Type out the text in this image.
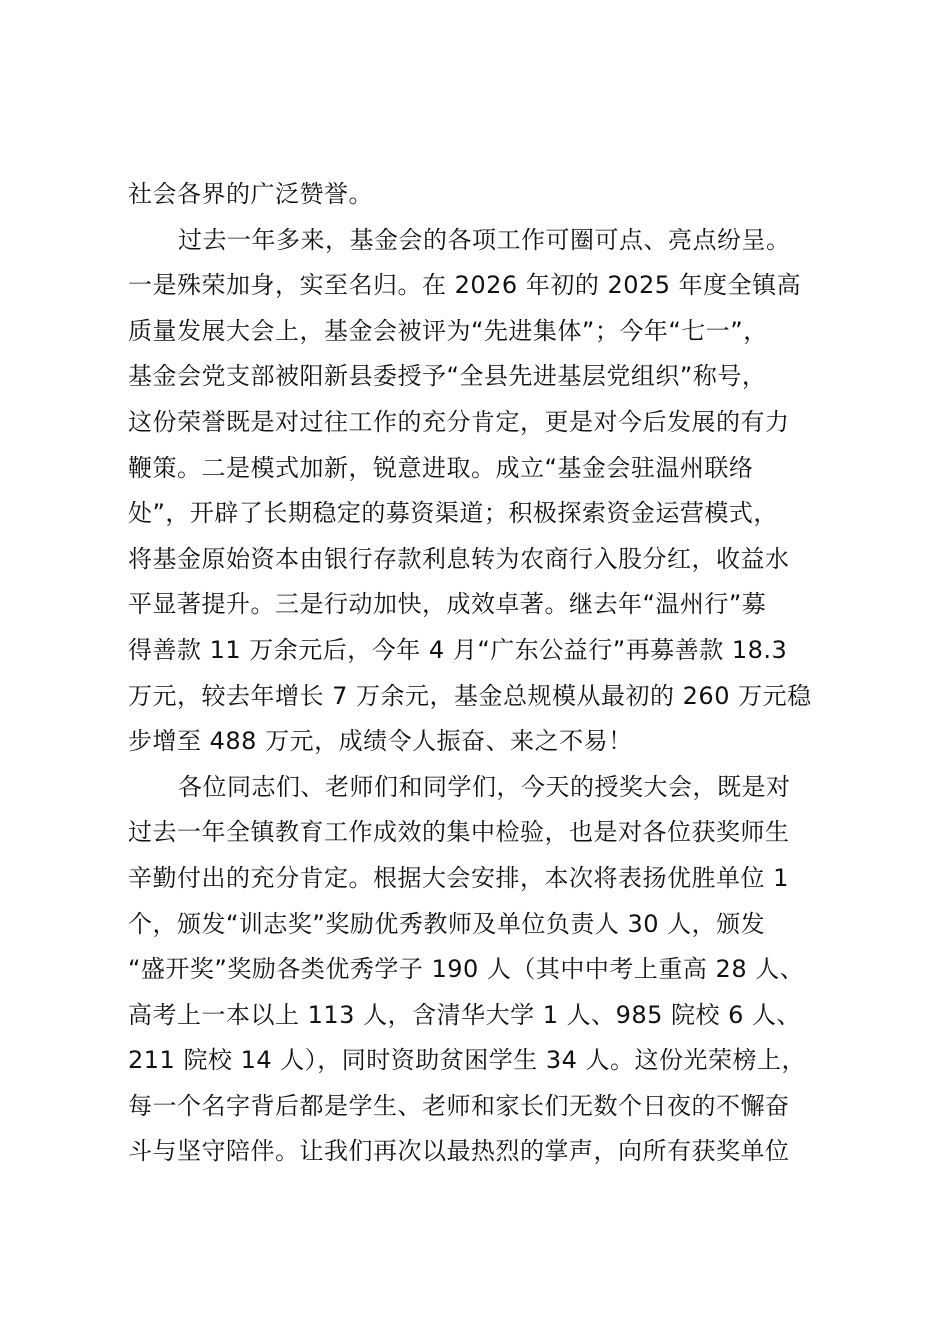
社会各界的广泛赞誉。
过去一年多来，基金会的各项工作可圈可点、亮点纷呈。
一是殊荣加身，实至名归。在 2026 年初的 2025 年度全镇高
质量发展大会上，基金会被评为“先进集体”；今年“七一”，
基金会党支部被阳新县委授予“全县先进基层党组织”称号，
这份荣誉既是对过往工作的充分肯定，更是对今后发展的有力
鞭策。二是模式加新，锐意进取。成立“基金会驻温州联络
处”，开辟了长期稳定的募资渠道；积极探索资金运营模式，
将基金原始资本由银行存款利息转为农商行入股分红，收益水
平显著提升。三是行动加快，成效卓著。继去年“温州行”募
得善款 11 万余元后，今年 4 月“广东公益行”再募善款 18.3
万元，较去年增长 7 万余元，基金总规模从最初的 260 万元稳
步增至 488 万元，成绩令人振奋、来之不易！
各位同志们、老师们和同学们，今天的授奖大会，既是对
过去一年全镇教育工作成效的集中检验，也是对各位获奖师生
辛勤付出的充分肯定。根据大会安排，本次将表扬优胜单位 1
个，颁发“训志奖”奖励优秀教师及单位负责人 30 人，颁发
“盛开奖”奖励各类优秀学子 190 人（其中中考上重高 28 人、
高考上一本以上 113 人，含清华大学 1 人、985 院校 6 人、
211 院校 14 人），同时资助贫困学生 34 人。这份光荣榜上，
每一个名字背后都是学生、老师和家长们无数个日夜的不懈奋
斗与坚守陪伴。让我们再次以最热烈的掌声，向所有获奖单位
